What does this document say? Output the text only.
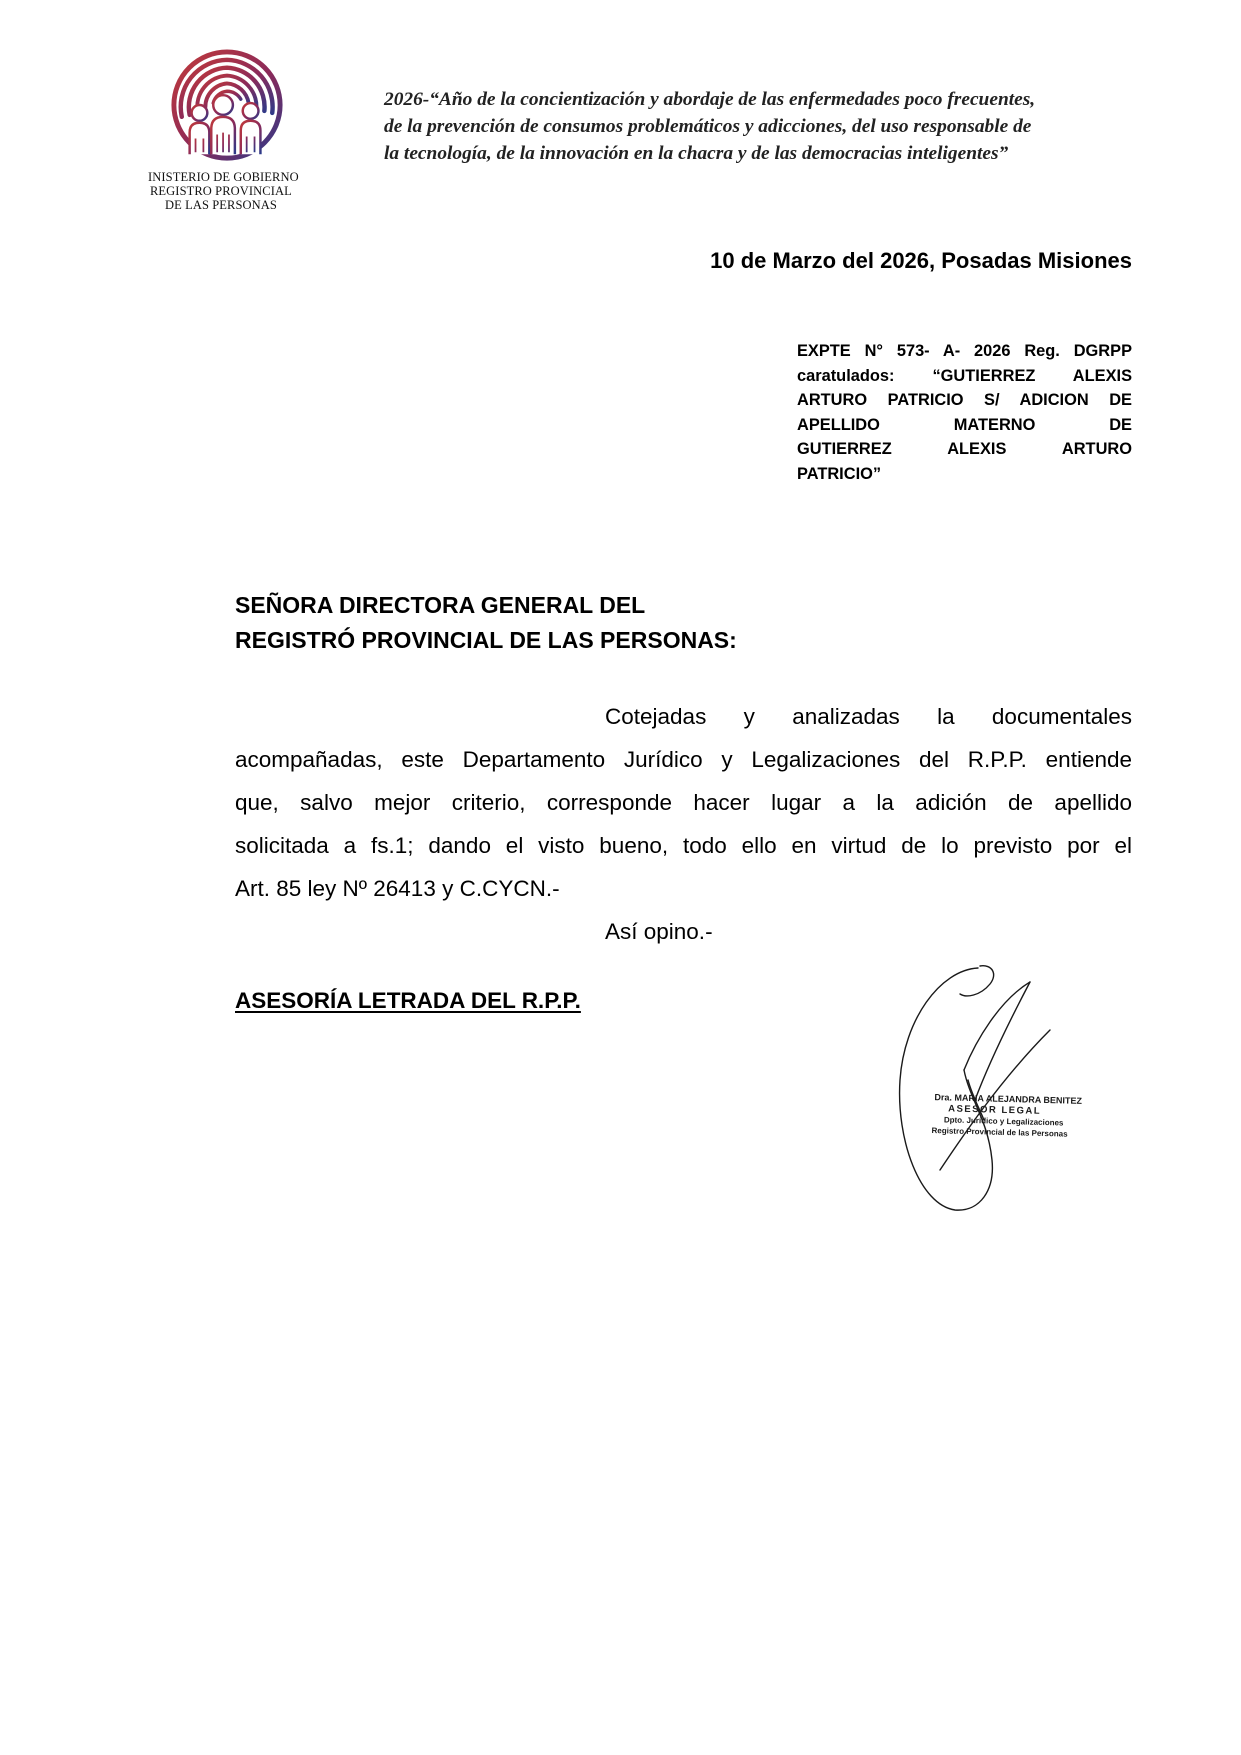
INISTERIO DE GOBIERNO
REGISTRO PROVINCIAL
DE LAS PERSONAS
2026-“Año de la concientización y abordaje de las enfermedades poco frecuentes,
de la prevención de consumos problemáticos y adicciones, del uso responsable de
la tecnología, de la innovación en la chacra y de las democracias inteligentes”
10 de Marzo del 2026, Posadas Misiones
EXPTE N° 573- A- 2026 Reg. DGRPP
caratulados: “GUTIERREZ ALEXIS
ARTURO PATRICIO S/ ADICION DE
APELLIDO MATERNO DE
GUTIERREZ ALEXIS ARTURO
PATRICIO”
SEÑORA DIRECTORA GENERAL DEL
REGISTRÓ PROVINCIAL DE LAS PERSONAS:
Cotejadas y analizadas la documentales
acompañadas, este Departamento Jurídico y Legalizaciones del R.P.P. entiende
que, salvo mejor criterio, corresponde hacer lugar a la adición de apellido
solicitada a fs.1; dando el visto bueno, todo ello en virtud de lo previsto por el
Art. 85 ley Nº 26413 y C.CYCN.-
Así opino.-
ASESORÍA LETRADA DEL R.P.P.
Dra. MARIA ALEJANDRA BENITEZ
ASESOR LEGAL
Dpto. Jurídico y Legalizaciones
Registro Provincial de las Personas
